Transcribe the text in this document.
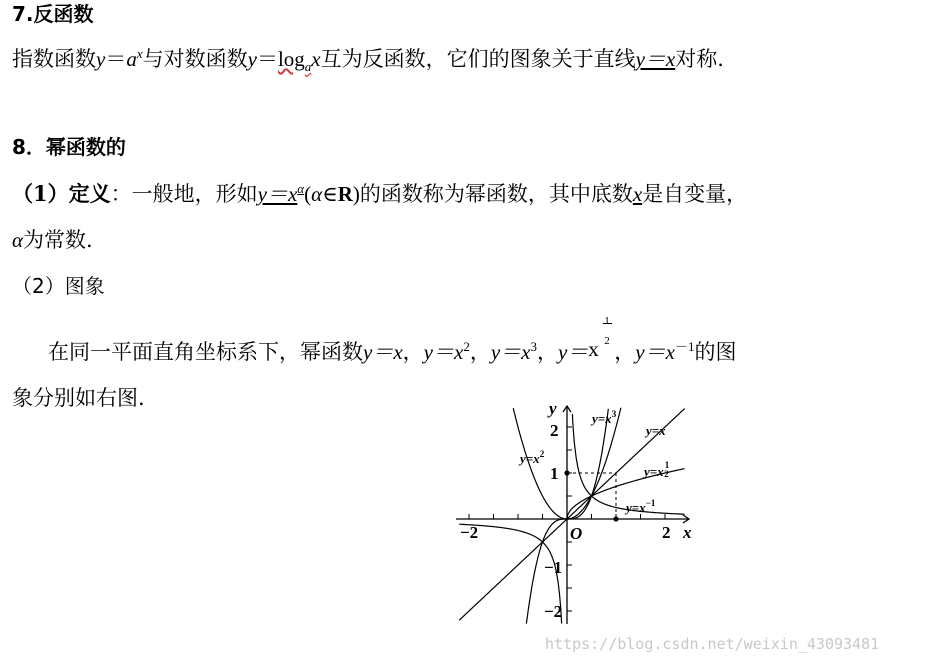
7.反函数
指数函数$y=a^x$与对数函数$y=\log_ax$互为反函数，它们的图象关于直线y＝x对称.
8．幂函数的
（1）定义：一般地，形如$y=x^\alpha(\alpha\in R)$的函数称为幂函数，其中底数x是自变量，
α为常数.
（2）图象
在同一平面直角坐标系下，幂函数y＝x，$y=x^2$，$y=x^3$，y＝ x
1
2 ，$y=x^{-1}$的图
象分别如右图.	y
x
O
−2	2
2
1
−1
−2
$y=x^3$
y=x
$y=x^2$
$y=x^1$ 2
$y=x^{-1}$
https://blog.csdn.net/weixin_43093481
